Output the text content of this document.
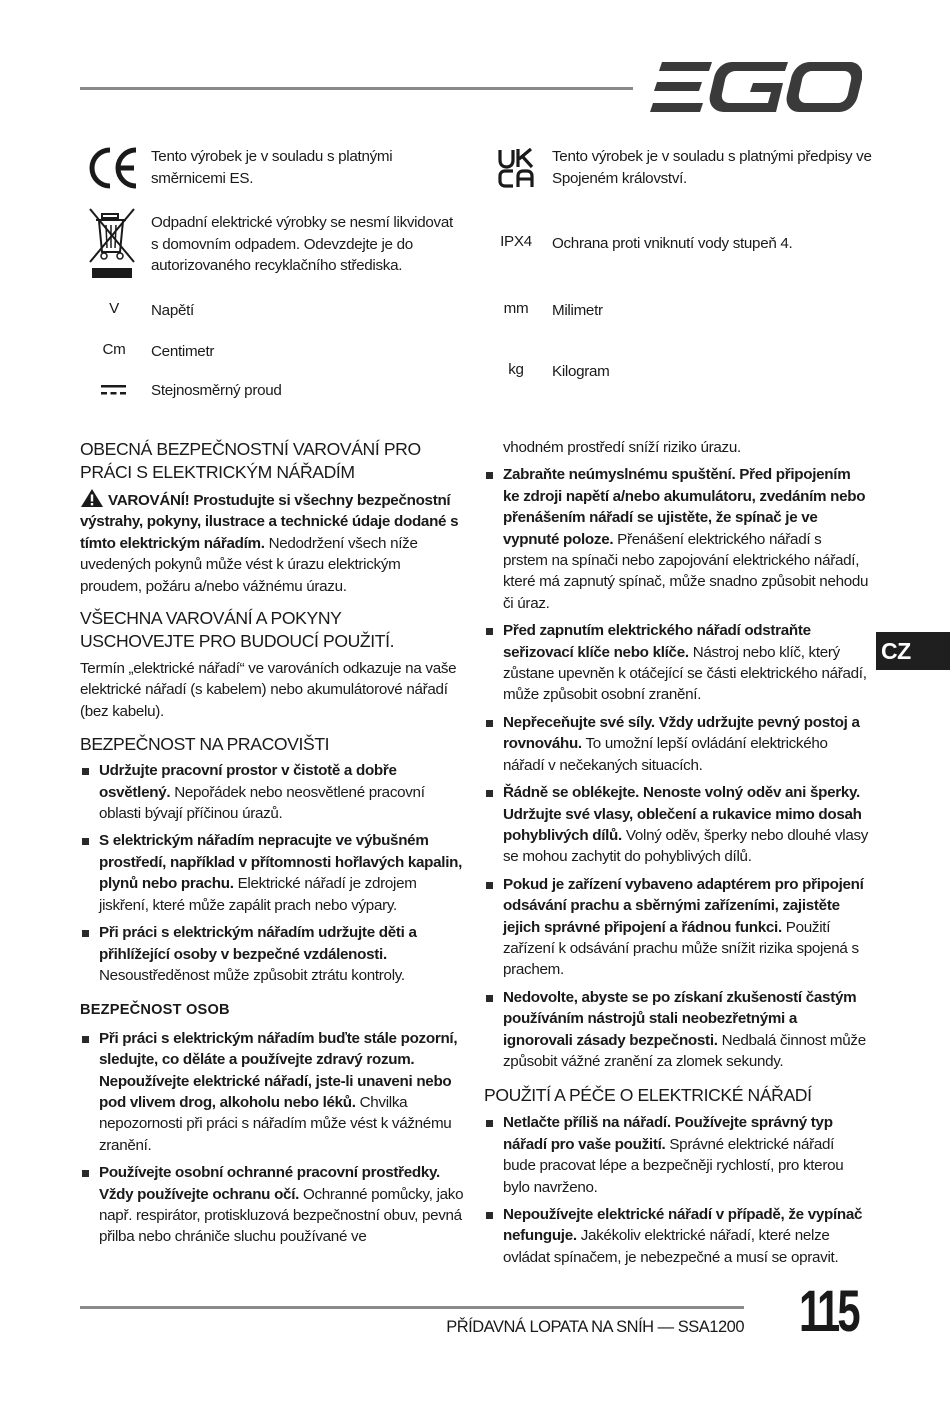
Tento výrobek je v souladu s platnými směrnicemi ES.
Odpadní elektrické výrobky se nesmí likvidovat s domovním odpadem. Odevzdejte je do autorizovaného recyklačního střediska.
V	Napětí
Cm	Centimetr
Stejnosměrný proud
Tento výrobek je v souladu s platnými předpisy ve Spojeném království.
IPX4	Ochrana proti vniknutí vody stupeň 4.
mm	Milimetr
kg	Kilogram
OBECNÁ BEZPEČNOSTNÍ VAROVÁNÍ PRO PRÁCI S ELEKTRICKÝM NÁŘADÍM

VAROVÁNÍ! Prostudujte si všechny bezpečnostní výstrahy, pokyny, ilustrace a technické údaje dodané s tímto elektrickým nářadím. Nedodržení všech níže uvedených pokynů může vést k úrazu elektrickým proudem, požáru a/nebo vážnému úrazu.

VŠECHNA VAROVÁNÍ A POKYNY USCHOVEJTE PRO BUDOUCÍ POUŽITÍ.

Termín „elektrické nářadí“ ve varováních odkazuje na vaše elektrické nářadí (s kabelem) nebo akumulátorové nářadí (bez kabelu).

BEZPEČNOST NA PRACOVIŠTI
Udržujte pracovní prostor v čistotě a dobře osvětlený. Nepořádek nebo neosvětlené pracovní oblasti bývají příčinou úrazů.
S elektrickým nářadím nepracujte ve výbušném prostředí, například v přítomnosti hořlavých kapalin, plynů nebo prachu. Elektrické nářadí je zdrojem jiskření, které může zapálit prach nebo výpary.
Při práci s elektrickým nářadím udržujte děti a přihlížející osoby v bezpečné vzdálenosti. Nesoustředěnost může způsobit ztrátu kontroly.
BEZPEČNOST OSOB
Při práci s elektrickým nářadím buďte stále pozorní, sledujte, co děláte a používejte zdravý rozum. Nepoužívejte elektrické nářadí, jste-li unaveni nebo pod vlivem drog, alkoholu nebo léků. Chvilka nepozornosti při práci s nářadím může vést k vážnému zranění.
Používejte osobní ochranné pracovní prostředky. Vždy používejte ochranu očí. Ochranné pomůcky, jako např. respirátor, protiskluzová bezpečnostní obuv, pevná přilba nebo chrániče sluchu používané ve

vhodném prostředí sníží riziko úrazu.

Zabraňte neúmyslnému spuštění. Před připojením ke zdroji napětí a/nebo akumulátoru, zvedáním nebo přenášením nářadí se ujistěte, že spínač je ve vypnuté poloze. Přenášení elektrického nářadí s prstem na spínači nebo zapojování elektrického nářadí, které má zapnutý spínač, může snadno způsobit nehodu či úraz.
Před zapnutím elektrického nářadí odstraňte seřizovací klíče nebo klíče. Nástroj nebo klíč, který zůstane upevněn k otáčející se části elektrického nářadí, může způsobit osobní zranění.
Nepřeceňujte své síly. Vždy udržujte pevný postoj a rovnováhu. To umožní lepší ovládání elektrického nářadí v nečekaných situacích.
Řádně se oblékejte. Nenoste volný oděv ani šperky. Udržujte své vlasy, oblečení a rukavice mimo dosah pohyblivých dílů. Volný oděv, šperky nebo dlouhé vlasy se mohou zachytit do pohyblivých dílů.
Pokud je zařízení vybaveno adaptérem pro připojení odsávání prachu a sběrnými zařízeními, zajistěte jejich správné připojení a řádnou funkci. Použití zařízení k odsávání prachu může snížit rizika spojená s prachem.
Nedovolte, abyste se po získaní zkušeností častým používáním nástrojů stali neobezřetnými a ignorovali zásady bezpečnosti. Nedbalá činnost může způsobit vážné zranění za zlomek sekundy.
POUŽITÍ A PÉČE O ELEKTRICKÉ NÁŘADÍ
Netlačte příliš na nářadí. Používejte správný typ nářadí pro vaše použití. Správné elektrické nářadí bude pracovat lépe a bezpečněji rychlostí, pro kterou bylo navrženo.
Nepoužívejte elektrické nářadí v případě, že vypínač nefunguje. Jakékoliv elektrické nářadí, které nelze ovládat spínačem, je nebezpečné a musí se opravit.
CZ
PŘÍDAVNÁ LOPATA NA SNÍH — SSA1200 115
